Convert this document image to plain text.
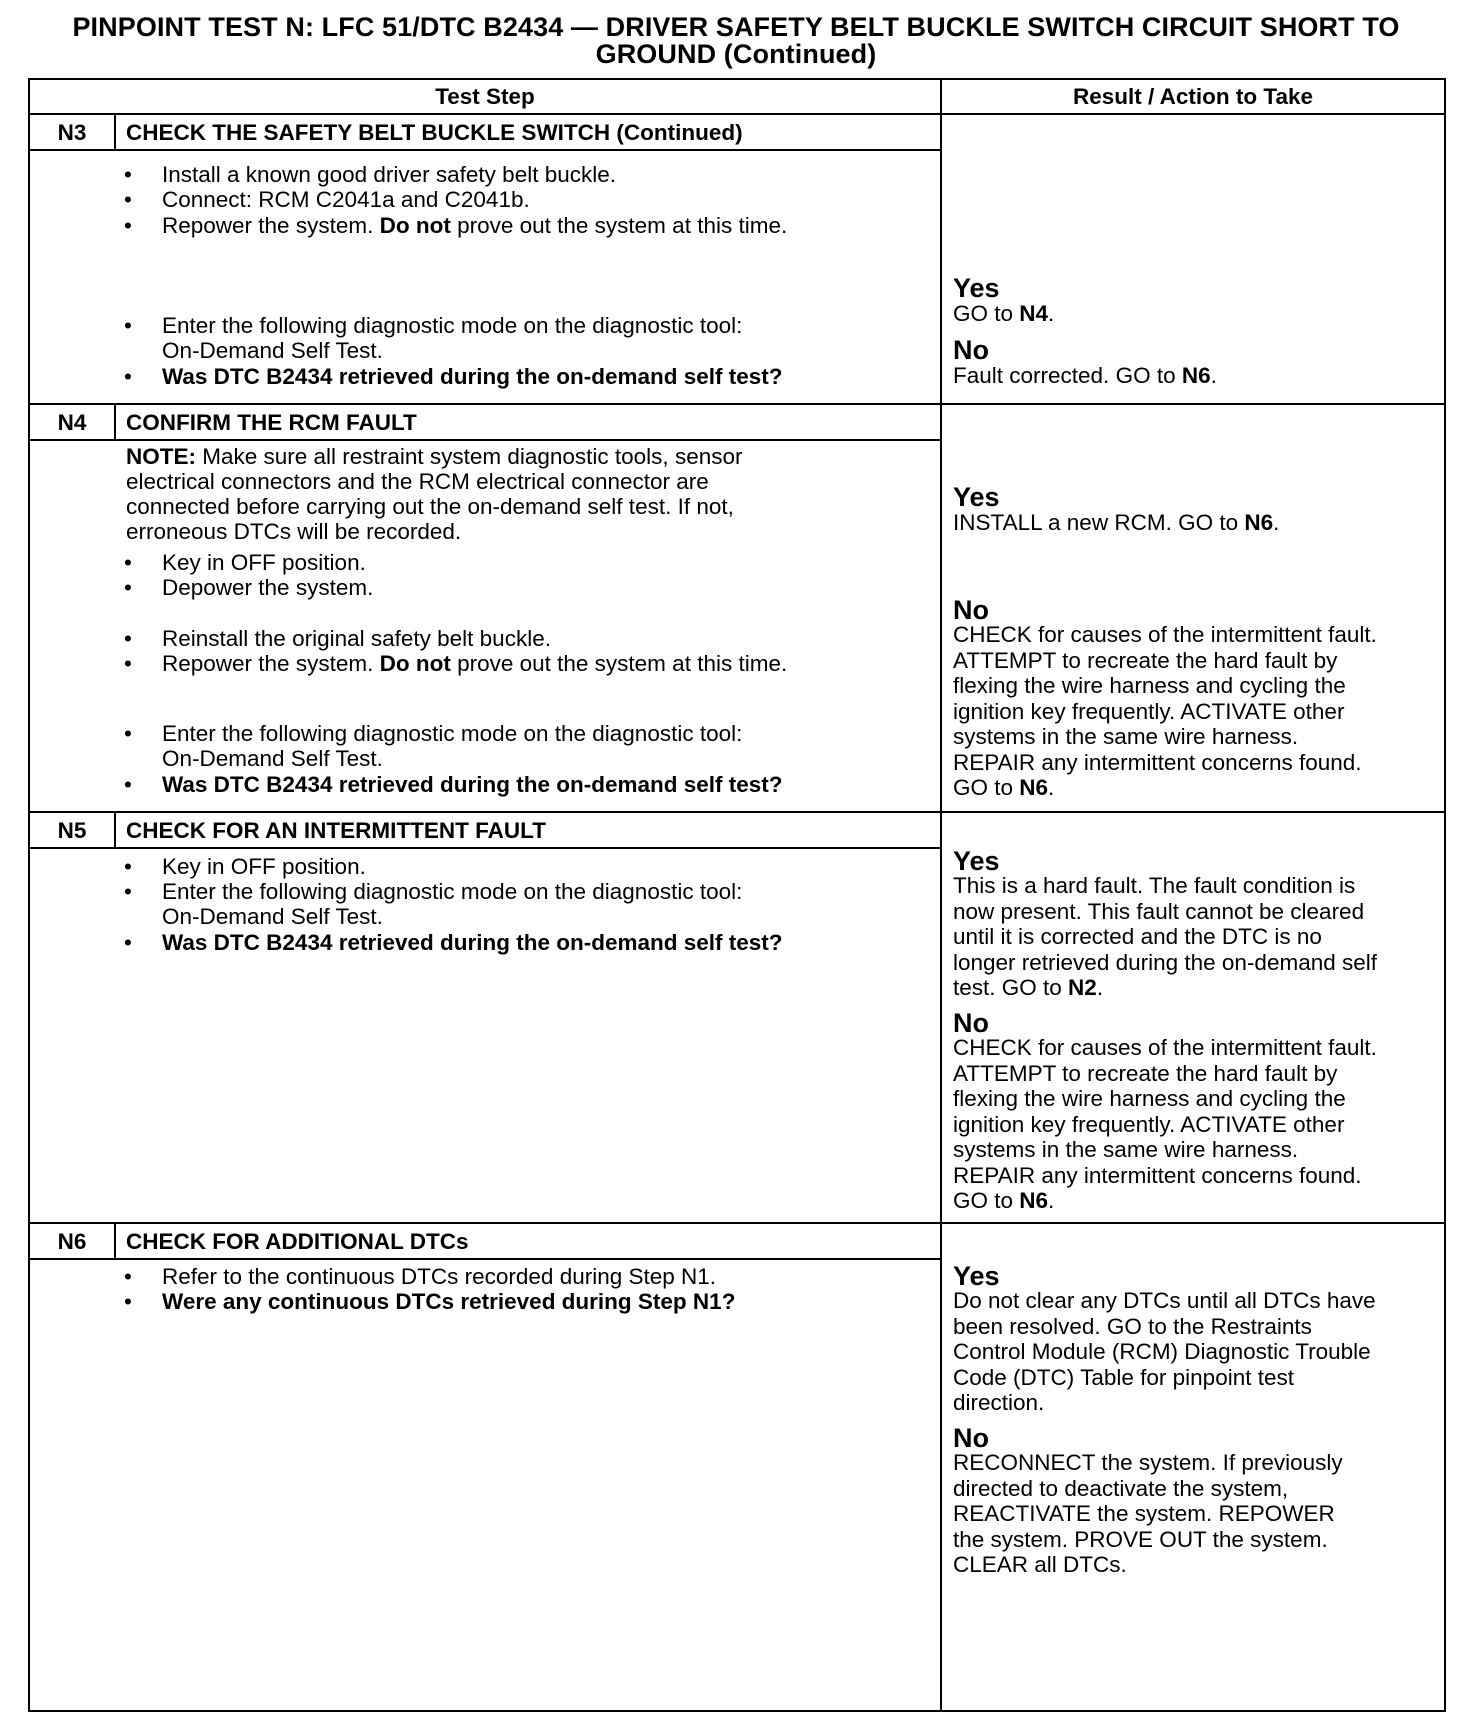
PINPOINT TEST N: LFC 51/DTC B2434 — DRIVER SAFETY BELT BUCKLE SWITCH CIRCUIT SHORT TO
GROUND (Continued)
Test Step	Result / Action to Take
N3	CHECK THE SAFETY BELT BUCKLE SWITCH (Continued)
• Install a known good driver safety belt buckle.
• Connect: RCM C2041a and C2041b.
• Repower the system. Do not prove out the system at this time.
• Enter the following diagnostic mode on the diagnostic tool:
On-Demand Self Test.
• Was DTC B2434 retrieved during the on-demand self test?
Yes
GO to N4.
No
Fault corrected. GO to N6.
N4	CONFIRM THE RCM FAULT
NOTE: Make sure all restraint system diagnostic tools, sensor
electrical connectors and the RCM electrical connector are
connected before carrying out the on-demand self test. If not,
erroneous DTCs will be recorded.
• Key in OFF position.
• Depower the system.
• Reinstall the original safety belt buckle.
• Repower the system. Do not prove out the system at this time.
• Enter the following diagnostic mode on the diagnostic tool:
On-Demand Self Test.
• Was DTC B2434 retrieved during the on-demand self test?
Yes
INSTALL a new RCM. GO to N6.
No
CHECK for causes of the intermittent fault.
ATTEMPT to recreate the hard fault by
flexing the wire harness and cycling the
ignition key frequently. ACTIVATE other
systems in the same wire harness.
REPAIR any intermittent concerns found.
GO to N6.
N5	CHECK FOR AN INTERMITTENT FAULT
• Key in OFF position.
• Enter the following diagnostic mode on the diagnostic tool:
On-Demand Self Test.
• Was DTC B2434 retrieved during the on-demand self test?
Yes
This is a hard fault. The fault condition is
now present. This fault cannot be cleared
until it is corrected and the DTC is no
longer retrieved during the on-demand self
test. GO to N2.
No
CHECK for causes of the intermittent fault.
ATTEMPT to recreate the hard fault by
flexing the wire harness and cycling the
ignition key frequently. ACTIVATE other
systems in the same wire harness.
REPAIR any intermittent concerns found.
GO to N6.
N6	CHECK FOR ADDITIONAL DTCs
• Refer to the continuous DTCs recorded during Step N1.
• Were any continuous DTCs retrieved during Step N1?
Yes
Do not clear any DTCs until all DTCs have
been resolved. GO to the Restraints
Control Module (RCM) Diagnostic Trouble
Code (DTC) Table for pinpoint test
direction.
No
RECONNECT the system. If previously
directed to deactivate the system,
REACTIVATE the system. REPOWER
the system. PROVE OUT the system.
CLEAR all DTCs.
